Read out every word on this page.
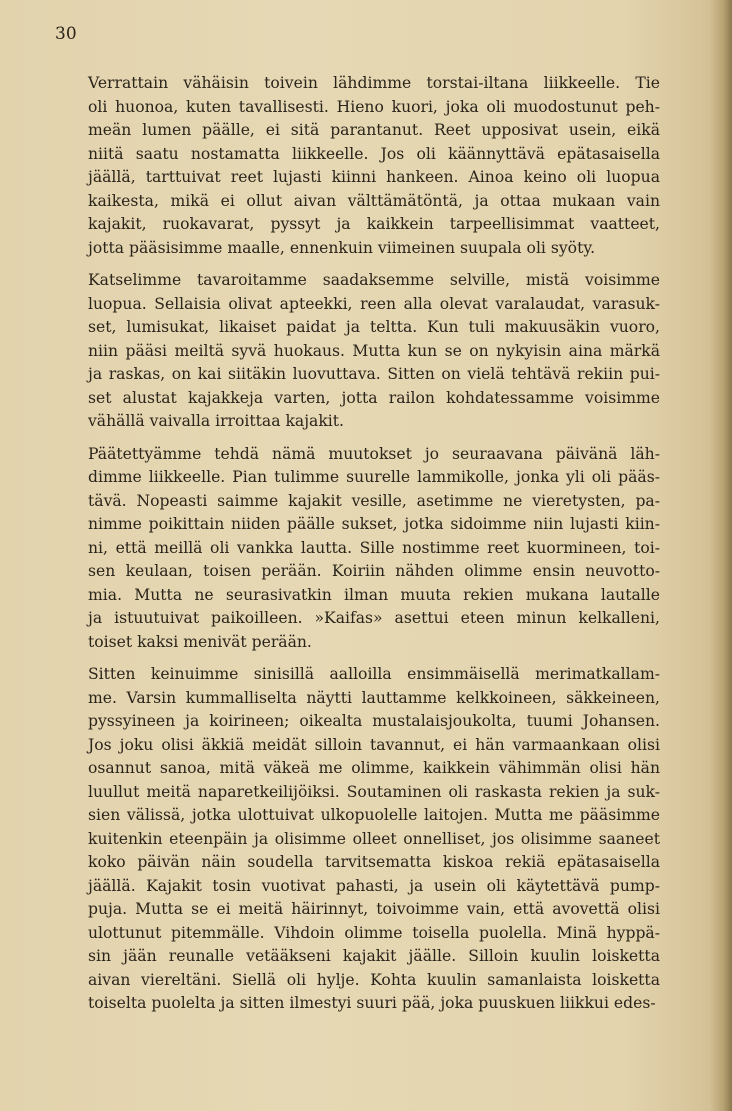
30

Verrattain vähäisin toivein lähdimme torstai-iltana liikkeelle. Tie
oli huonoa, kuten tavallisesti. Hieno kuori, joka oli muodostunut peh-
meän lumen päälle, ei sitä parantanut. Reet upposivat usein, eikä
niitä saatu nostamatta liikkeelle. Jos oli käännyttävä epätasaisella
jäällä, tarttuivat reet lujasti kiinni hankeen. Ainoa keino oli luopua
kaikesta, mikä ei ollut aivan välttämätöntä, ja ottaa mukaan vain
kajakit, ruokavarat, pyssyt ja kaikkein tarpeellisimmat vaatteet,
jotta pääsisimme maalle, ennenkuin viimeinen suupala oli syöty.

Katselimme tavaroitamme saadaksemme selville, mistä voisimme
luopua. Sellaisia olivat apteekki, reen alla olevat varalaudat, varasuk-
set, lumisukat, likaiset paidat ja teltta. Kun tuli makuusäkin vuoro,
niin pääsi meiltä syvä huokaus. Mutta kun se on nykyisin aina märkä
ja raskas, on kai siitäkin luovuttava. Sitten on vielä tehtävä rekiin pui-
set alustat kajakkeja varten, jotta railon kohdatessamme voisimme
vähällä vaivalla irroittaa kajakit.

Päätettyämme tehdä nämä muutokset jo seuraavana päivänä läh-
dimme liikkeelle. Pian tulimme suurelle lammikolle, jonka yli oli pääs-
tävä. Nopeasti saimme kajakit vesille, asetimme ne vieretysten, pa-
nimme poikittain niiden päälle sukset, jotka sidoimme niin lujasti kiin-
ni, että meillä oli vankka lautta. Sille nostimme reet kuormineen, toi-
sen keulaan, toisen perään. Koiriin nähden olimme ensin neuvotto-
mia. Mutta ne seurasivatkin ilman muuta rekien mukana lautalle
ja istuutuivat paikoilleen. »Kaifas» asettui eteen minun kelkalleni,
toiset kaksi menivät perään.

Sitten keinuimme sinisillä aalloilla ensimmäisellä merimatkallam-
me. Varsin kummalliselta näytti lauttamme kelkkoineen, säkkeineen,
pyssyineen ja koirineen; oikealta mustalaisjoukolta, tuumi Johansen.
Jos joku olisi äkkiä meidät silloin tavannut, ei hän varmaankaan olisi
osannut sanoa, mitä väkeä me olimme, kaikkein vähimmän olisi hän
luullut meitä naparetkeilijöiksi. Soutaminen oli raskasta rekien ja suk-
sien välissä, jotka ulottuivat ulkopuolelle laitojen. Mutta me pääsimme
kuitenkin eteenpäin ja olisimme olleet onnelliset, jos olisimme saaneet
koko päivän näin soudella tarvitsematta kiskoa rekiä epätasaisella
jäällä. Kajakit tosin vuotivat pahasti, ja usein oli käytettävä pump-
puja. Mutta se ei meitä häirinnyt, toivoimme vain, että avovettä olisi
ulottunut pitemmälle. Vihdoin olimme toisella puolella. Minä hyppä-
sin jään reunalle vetääkseni kajakit jäälle. Silloin kuulin loisketta
aivan viereltäni. Siellä oli hylje. Kohta kuulin samanlaista loisketta
toiselta puolelta ja sitten ilmestyi suuri pää, joka puuskuen liikkui edes-
